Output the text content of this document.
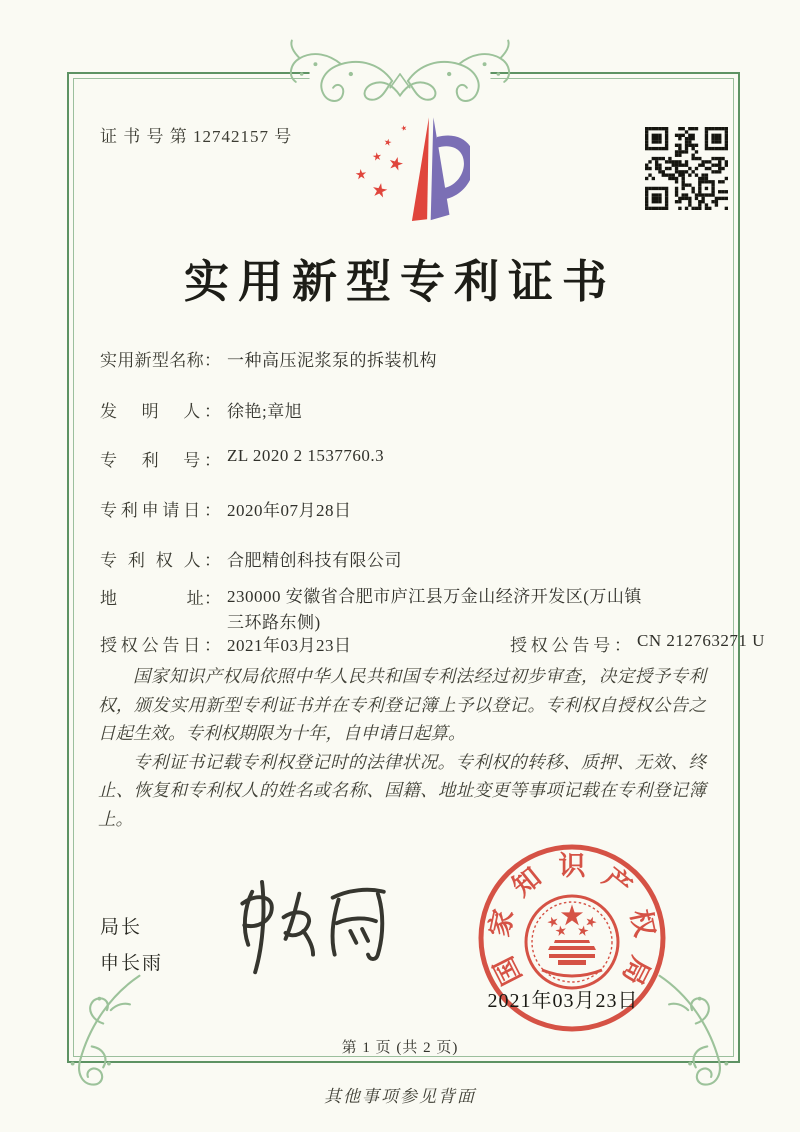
证 书 号 第 12742157 号
实用新型专利证书
实用新型名称： 一种高压泥浆泵的拆装机构
发　明　人： 徐艳;章旭
专　利　号： ZL 2020 2 1537760.3
专利申请日： 2020年07月28日
专 利 权 人： 合肥精创科技有限公司
地　　　　址： 230000 安徽省合肥市庐江县万金山经济开发区(万山镇三环路东侧)
授权公告日： 2021年03月23日	授权公告号： CN 212763271 U

国家知识产权局依照中华人民共和国专利法经过初步审查，决定授予专利权，颁发实用新型专利证书并在专利登记簿上予以登记。专利权自授权公告之日起生效。专利权期限为十年，自申请日起算。

专利证书记载专利权登记时的法律状况。专利权的转移、质押、无效、终止、恢复和专利权人的姓名或名称、国籍、地址变更等事项记载在专利登记簿上。

局长
申长雨	国
家
知 识 产
权
局
2021年03月23日
第 1 页 (共 2 页)
其他事项参见背面
